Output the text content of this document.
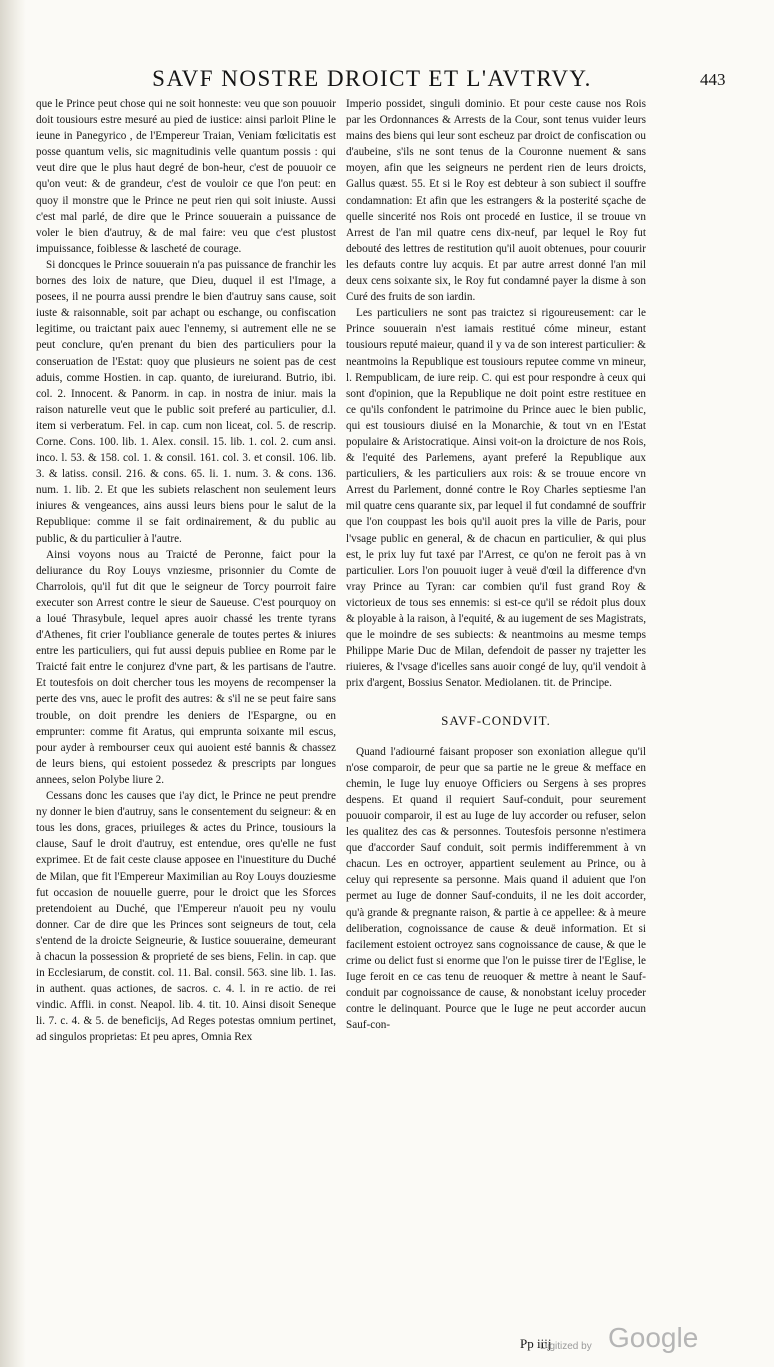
SAVF NOSTRE DROICT ET L'AVTRVY.	443

que le Prince peut chose qui ne soit honneste: veu que son pouuoir doit tousiours estre mesuré au pied de iustice: ainsi parloit Pline le ieune in Panegyrico , de l'Empereur Traian, Veniam fœlicitatis est posse quantum velis, sic magnitudinis velle quantum possis : qui veut dire que le plus haut degré de bon-heur, c'est de pouuoir ce qu'on veut: & de grandeur, c'est de vouloir ce que l'on peut: en quoy il monstre que le Prince ne peut rien qui soit iniuste. Aussi c'est mal parlé, de dire que le Prince souuerain a puissance de voler le bien d'autruy, & de mal faire: veu que c'est plustost impuissance, foiblesse & lascheté de courage.

Si doncques le Prince souuerain n'a pas puissance de franchir les bornes des loix de nature, que Dieu, duquel il est l'Image, a posees, il ne pourra aussi prendre le bien d'autruy sans cause, soit iuste & raisonnable, soit par achapt ou eschange, ou confiscation legitime, ou traictant paix auec l'ennemy, si autrement elle ne se peut conclure, qu'en prenant du bien des particuliers pour la conseruation de l'Estat: quoy que plusieurs ne soient pas de cest aduis, comme Hostien. in cap. quanto, de iureiurand. Butrio, ibi. col. 2. Innocent. & Panorm. in cap. in nostra de iniur. mais la raison naturelle veut que le public soit preferé au particulier, d.l. item si verberatum. Fel. in cap. cum non liceat, col. 5. de rescrip. Corne. Cons. 100. lib. 1. Alex. consil. 15. lib. 1. col. 2. cum ansi. inco. l. 53. & 158. col. 1. & consil. 161. col. 3. et consil. 106. lib. 3. & latiss. consil. 216. & cons. 65. li. 1. num. 3. & cons. 136. num. 1. lib. 2. Et que les subiets relaschent non seulement leurs iniures & vengeances, ains aussi leurs biens pour le salut de la Republique: comme il se fait ordinairement, & du public au public, & du particulier à l'autre.

Ainsi voyons nous au Traicté de Peronne, faict pour la deliurance du Roy Louys vnziesme, prisonnier du Comte de Charrolois, qu'il fut dit que le seigneur de Torcy pourroit faire executer son Arrest contre le sieur de Saueuse. C'est pourquoy on a loué Thrasybule, lequel apres auoir chassé les trente tyrans d'Athenes, fit crier l'oubliance generale de toutes pertes & iniures entre les particuliers, qui fut aussi depuis publiee en Rome par le Traicté fait entre le conjurez d'vne part, & les partisans de l'autre. Et toutesfois on doit chercher tous les moyens de recompenser la perte des vns, auec le profit des autres: & s'il ne se peut faire sans trouble, on doit prendre les deniers de l'Espargne, ou en emprunter: comme fit Aratus, qui emprunta soixante mil escus, pour ayder à rembourser ceux qui auoient esté bannis & chassez de leurs biens, qui estoient possedez & prescripts par longues annees, selon Polybe liure 2.

Cessans donc les causes que i'ay dict, le Prince ne peut prendre ny donner le bien d'autruy, sans le consentement du seigneur: & en tous les dons, graces, priuileges & actes du Prince, tousiours la clause, Sauf le droit d'autruy, est entendue, ores qu'elle ne fust exprimee. Et de fait ceste clause apposee en l'inuestiture du Duché de Milan, que fit l'Empereur Maximilian au Roy Louys douziesme fut occasion de nouuelle guerre, pour le droict que les Sforces pretendoient au Duché, que l'Empereur n'auoit peu ny voulu donner. Car de dire que les Princes sont seigneurs de tout, cela s'entend de la droicte Seigneurie, & Iustice souueraine, demeurant à chacun la possession & proprieté de ses biens, Felin. in cap. que in Ecclesiarum, de constit. col. 11. Bal. consil. 563. sine lib. 1. Ias. in authent. quas actiones, de sacros. c. 4. l. in re actio. de rei vindic. Affli. in const. Neapol. lib. 4. tit. 10. Ainsi disoit Seneque li. 7. c. 4. & 5. de beneficijs, Ad Reges potestas omnium pertinet, ad singulos proprietas: Et peu apres, Omnia Rex

Imperio possidet, singuli dominio. Et pour ceste cause nos Rois par les Ordonnances & Arrests de la Cour, sont tenus vuider leurs mains des biens qui leur sont escheuz par droict de confiscation ou d'aubeine, s'ils ne sont tenus de la Couronne nuement & sans moyen, afin que les seigneurs ne perdent rien de leurs droicts, Gallus quæst. 55. Et si le Roy est debteur à son subiect il souffre condamnation: Et afin que les estrangers & la posterité sçache de quelle sincerité nos Rois ont procedé en Iustice, il se trouue vn Arrest de l'an mil quatre cens dix-neuf, par lequel le Roy fut debouté des lettres de restitution qu'il auoit obtenues, pour couurir les defauts contre luy acquis. Et par autre arrest donné l'an mil deux cens soixante six, le Roy fut condamné payer la disme à son Curé des fruits de son iardin.

Les particuliers ne sont pas traictez si rigoureusement: car le Prince souuerain n'est iamais restitué cóme mineur, estant tousiours reputé maieur, quand il y va de son interest particulier: & neantmoins la Republique est tousiours reputee comme vn mineur, l. Rempublicam, de iure reip. C. qui est pour respondre à ceux qui sont d'opinion, que la Republique ne doit point estre restituee en ce qu'ils confondent le patrimoine du Prince auec le bien public, qui est tousiours diuisé en la Monarchie, & tout vn en l'Estat populaire & Aristocratique. Ainsi voit-on la droicture de nos Rois, & l'equité des Parlemens, ayant preferé la Republique aux particuliers, & les particuliers aux rois: & se trouue encore vn Arrest du Parlement, donné contre le Roy Charles septiesme l'an mil quatre cens quarante six, par lequel il fut condamné de souffrir que l'on couppast les bois qu'il auoit pres la ville de Paris, pour l'vsage public en general, & de chacun en particulier, & qui plus est, le prix luy fut taxé par l'Arrest, ce qu'on ne feroit pas à vn particulier. Lors l'on pouuoit iuger à veuë d'œil la difference d'vn vray Prince au Tyran: car combien qu'il fust grand Roy & victorieux de tous ses ennemis: si est-ce qu'il se rédoit plus doux & ployable à la raison, à l'equité, & au iugement de ses Magistrats, que le moindre de ses subiects: & neantmoins au mesme temps Philippe Marie Duc de Milan, defendoit de passer ny trajetter les riuieres, & l'vsage d'icelles sans auoir congé de luy, qu'il vendoit à prix d'argent, Bossius Senator. Mediolanen. tit. de Principe.

SAVF-CONDVIT.

Quand l'adiourné faisant proposer son exoniation allegue qu'il n'ose comparoir, de peur que sa partie ne le greue & mefface en chemin, le Iuge luy enuoye Officiers ou Sergens à ses propres despens. Et quand il requiert Sauf-conduit, pour seurement pouuoir comparoir, il est au Iuge de luy accorder ou refuser, selon les qualitez des cas & personnes. Toutesfois personne n'estimera que d'accorder Sauf conduit, soit permis indifferemment à vn chacun. Les en octroyer, appartient seulement au Prince, ou à celuy qui represente sa personne. Mais quand il aduient que l'on permet au Iuge de donner Sauf-conduits, il ne les doit accorder, qu'à grande & pregnante raison, & partie à ce appellee: & à meure deliberation, cognoissance de cause & deuë information. Et si facilement estoient octroyez sans cognoissance de cause, & que le crime ou delict fust si enorme que l'on le puisse tirer de l'Eglise, le Iuge feroit en ce cas tenu de reuoquer & mettre à neant le Sauf-conduit par cognoissance de cause, & nonobstant iceluy proceder contre le delinquant. Pource que le Iuge ne peut accorder aucun Sauf-con-

Pp iiij
Digitized by Google
